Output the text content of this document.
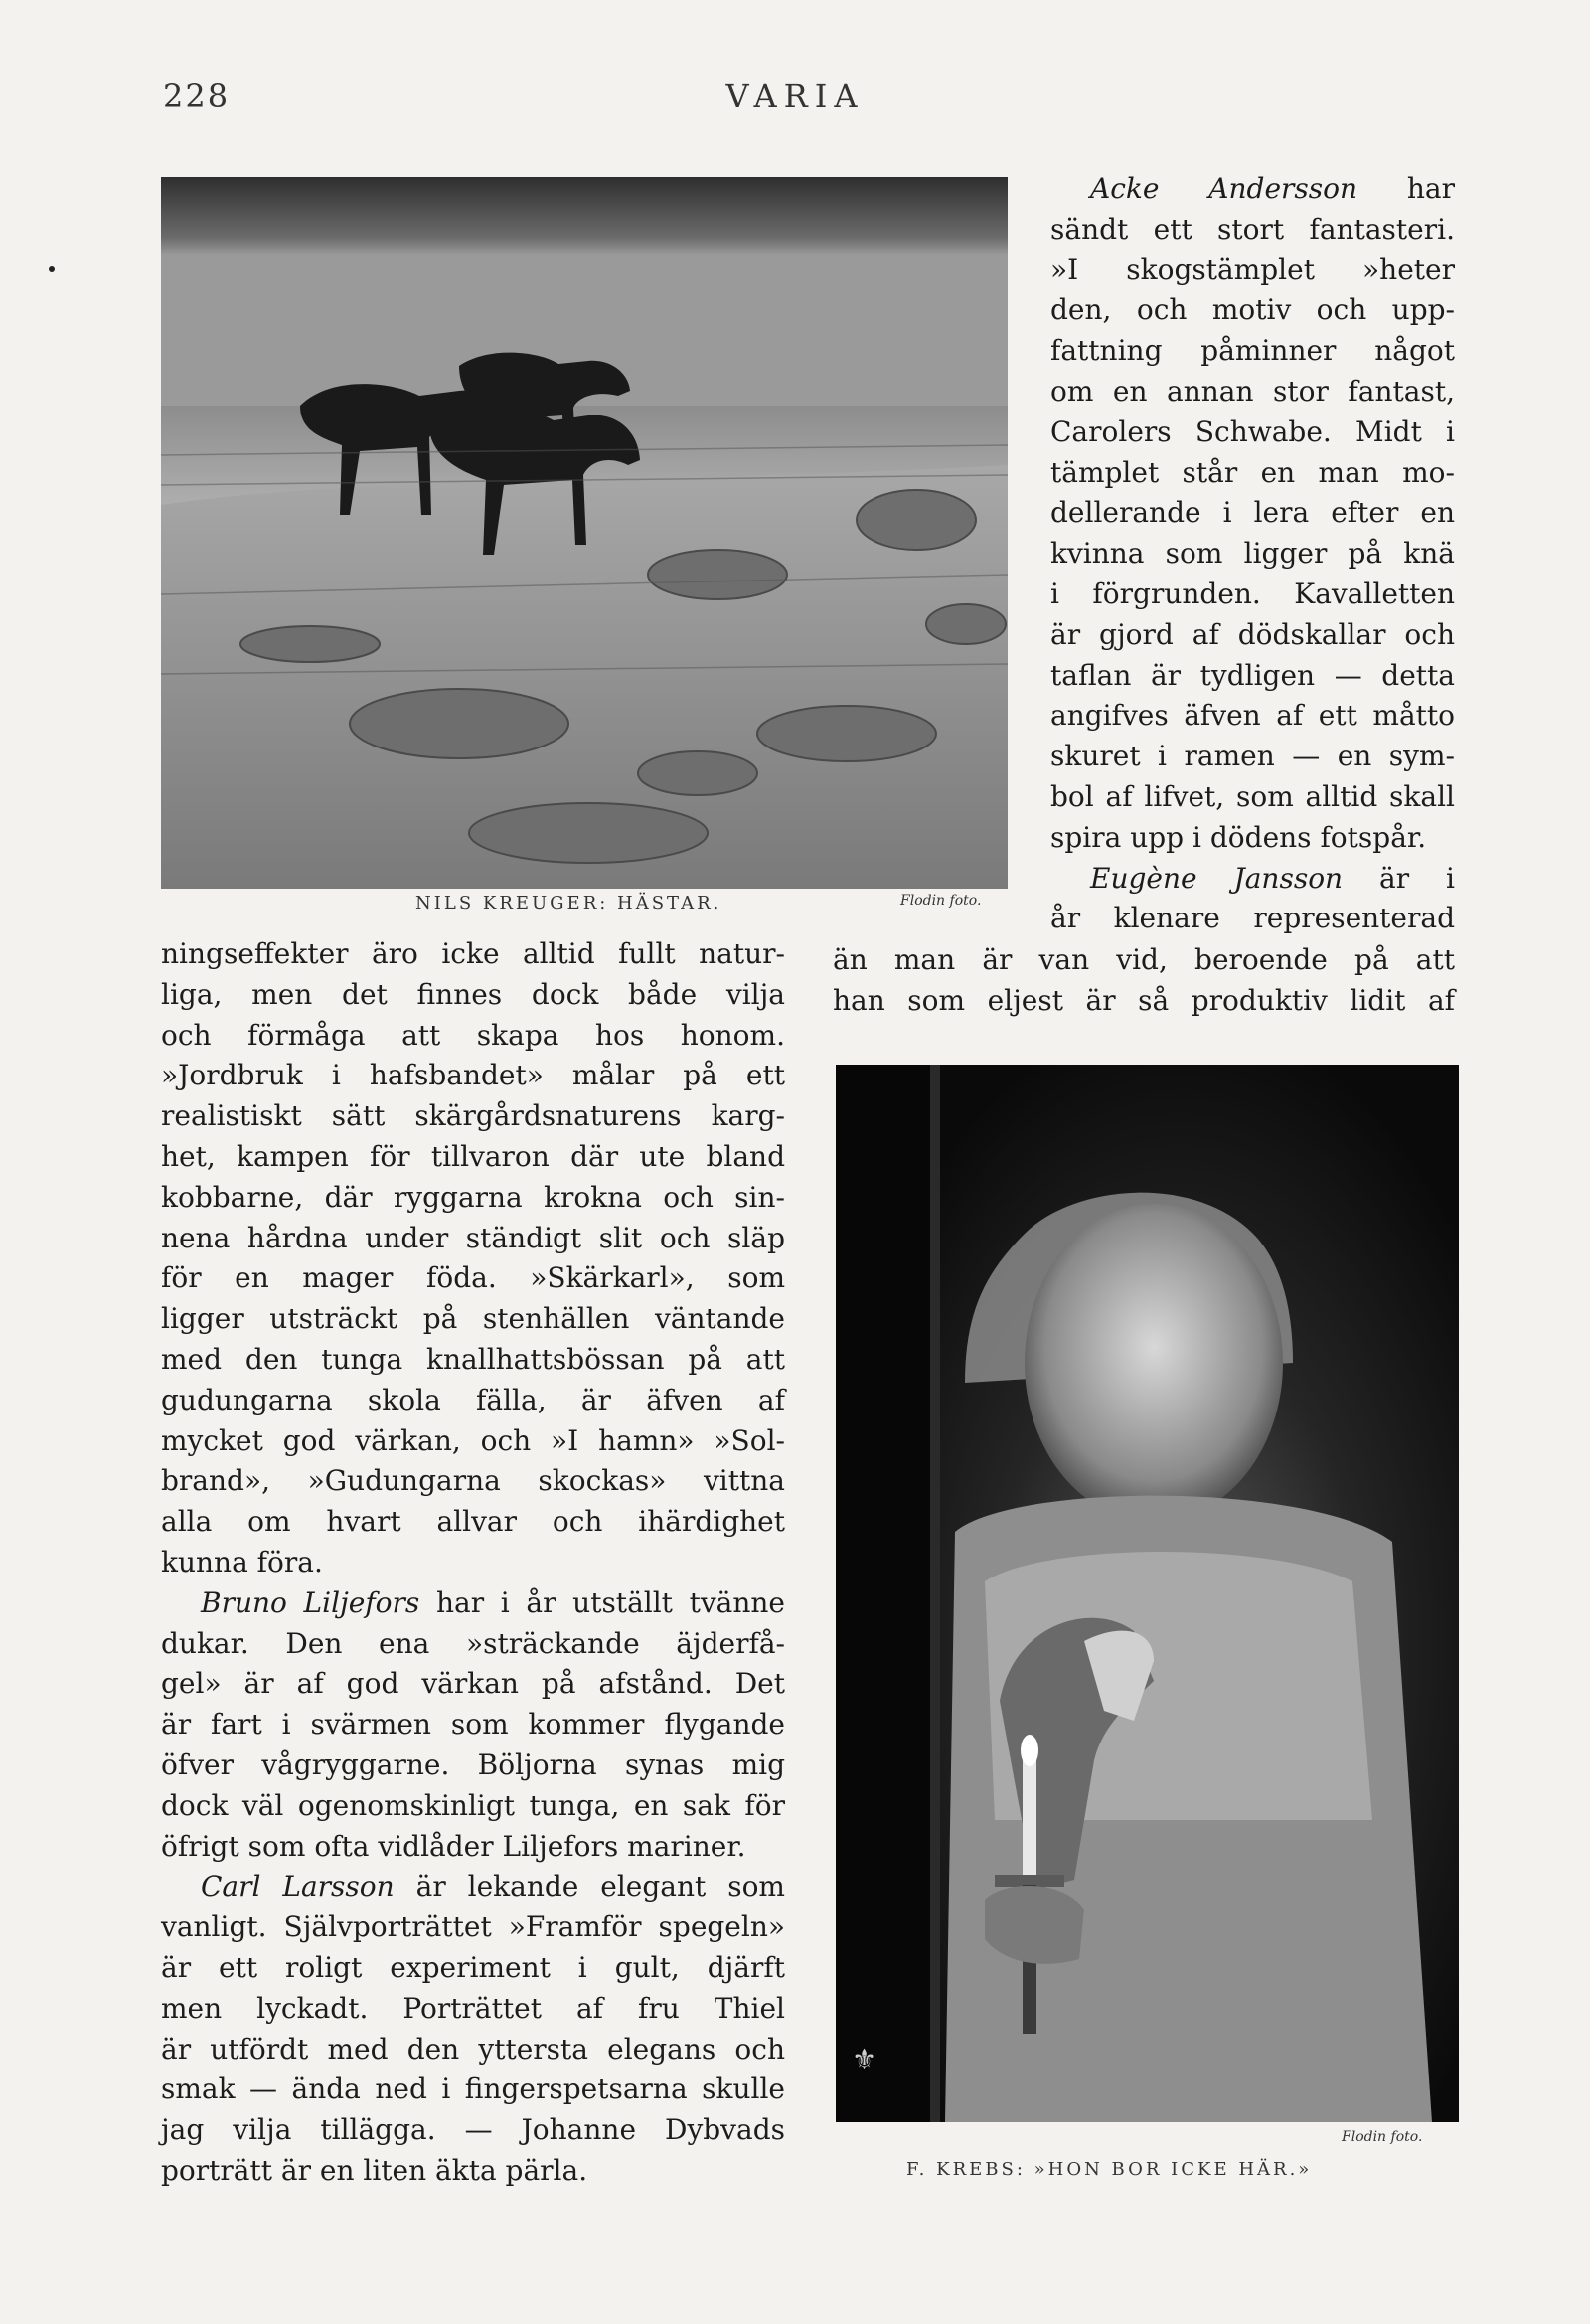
228	VARIA
NILS KREUGER: HÄSTAR.	Flodin foto.

Acke Andersson har

sändt ett stort fantasteri.

»I skogstämplet »heter

den, och motiv och upp-

fattning påminner något

om en annan stor fantast,

Carolers Schwabe. Midt i

tämplet står en man mo-

dellerande i lera efter en

kvinna som ligger på knä

i förgrunden. Kavalletten

är gjord af dödskallar och

taflan är tydligen — detta

angifves äfven af ett måtto

skuret i ramen — en sym-

bol af lifvet, som alltid skall

spira upp i dödens fotspår.

Eugène Jansson är i

år klenare representerad

än man är van vid, beroende på att

han som eljest är så produktiv lidit af

ningseffekter äro icke alltid fullt natur-

liga, men det finnes dock både vilja

och förmåga att skapa hos honom.

»Jordbruk i hafsbandet» målar på ett

realistiskt sätt skärgårdsnaturens karg-

het, kampen för tillvaron där ute bland

kobbarne, där ryggarna krokna och sin-

nena hårdna under ständigt slit och släp

för en mager föda. »Skärkarl», som

ligger utsträckt på stenhällen väntande

med den tunga knallhattsbössan på att

gudungarna skola fälla, är äfven af

mycket god värkan, och »I hamn» »Sol-

brand», »Gudungarna skockas» vittna

alla om hvart allvar och ihärdighet

kunna föra.

Bruno Liljefors har i år utställt tvänne

dukar. Den ena »sträckande äjderfå-

gel» är af god värkan på afstånd. Det

är fart i svärmen som kommer flygande

öfver vågryggarne. Böljorna synas mig

dock väl ogenomskinligt tunga, en sak för

öfrigt som ofta vidlåder Liljefors mariner.

Carl Larsson är lekande elegant som

vanligt. Självporträttet »Framför spegeln»

är ett roligt experiment i gult, djärft

men lyckadt. Porträttet af fru Thiel

är utfördt med den yttersta elegans och

smak — ända ned i fingerspetsarna skulle

jag vilja tillägga. — Johanne Dybvads

porträtt är en liten äkta pärla.

⚜
Flodin foto.
F. KREBS: »HON BOR ICKE HÄR.»
